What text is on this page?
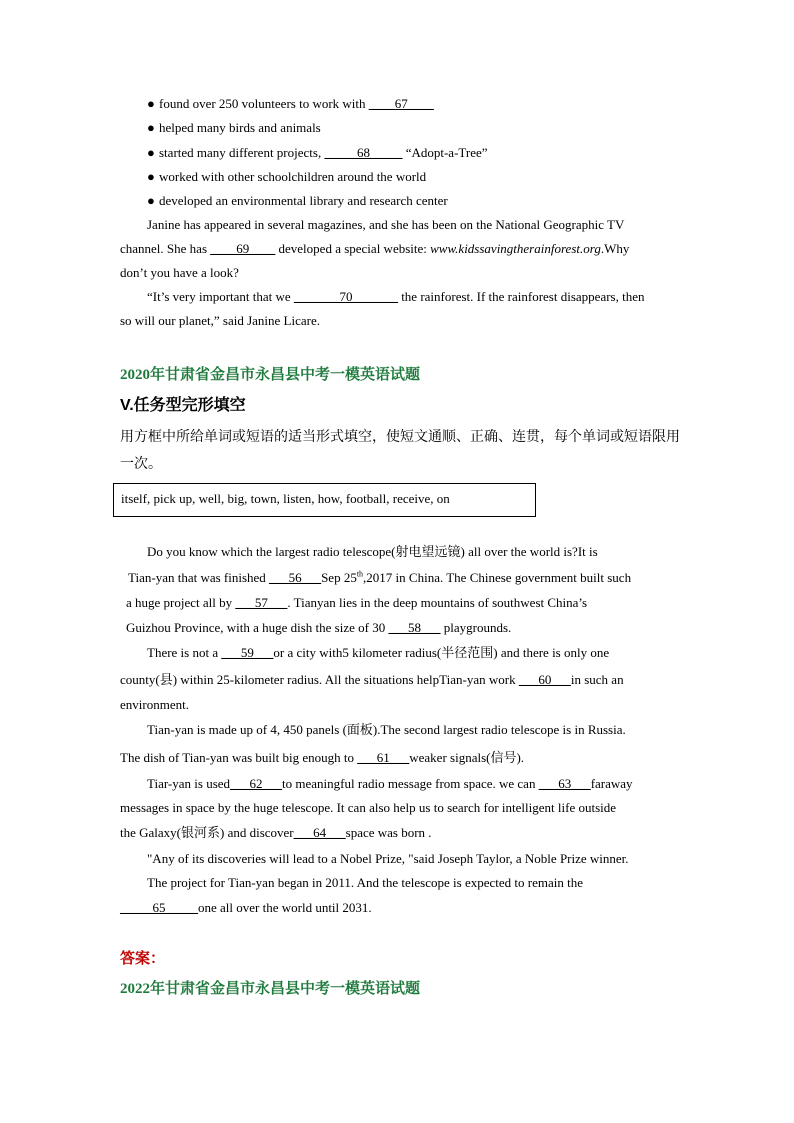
● found over 250 volunteers to work with ____67____
● helped many birds and animals
● started many different projects, _____68_____ “Adopt-a-Tree”
● worked with other schoolchildren around the world
● developed an environmental library and research center
Janine has appeared in several magazines, and she has been on the National Geographic TV
channel. She has ____69____ developed a special website: www.kidssavingtherainforest.org.Why
don’t you have a look?
“It’s very important that we _______70_______ the rainforest. If the rainforest disappears, then
so will our planet,” said Janine Licare.
2020年甘肃省金昌市永昌县中考一模英语试题
V.任务型完形填空
用方框中所给单词或短语的适当形式填空，使短文通顺、正确、连贯，每个单词或短语限用
一次。
itself, pick up, well, big, town, listen, how, football, receive, on
Do you know which the largest radio telescope(射电望远镜) all over the world is?It is
Tian-yan that was finished ___56___Sep 25th,2017 in China. The Chinese government built such
a huge project all by ___57___. Tianyan lies in the deep mountains of southwest China’s
Guizhou Province, with a huge dish the size of 30 ___58___ playgrounds.
There is not a ___59___or a city with5 kilometer radius(半径范围) and there is only one
county(县) within 25-kilometer radius. All the situations helpTian-yan work ___60___in such an
environment.
Tian-yan is made up of 4, 450 panels (面板).The second largest radio telescope is in Russia.
The dish of Tian-yan was built big enough to ___61___weaker signals(信号).
Tiar-yan is used___62___to meaningful radio message from space. we can ___63___faraway
messages in space by the huge telescope. It can also help us to search for intelligent life outside
the Galaxy(银河系) and discover___64___space was born .
"Any of its discoveries will lead to a Nobel Prize, "said Joseph Taylor, a Noble Prize winner.
The project for Tian-yan began in 2011. And the telescope is expected to remain the
_____65_____one all over the world until 2031.
答案：
2022年甘肃省金昌市永昌县中考一模英语试题
